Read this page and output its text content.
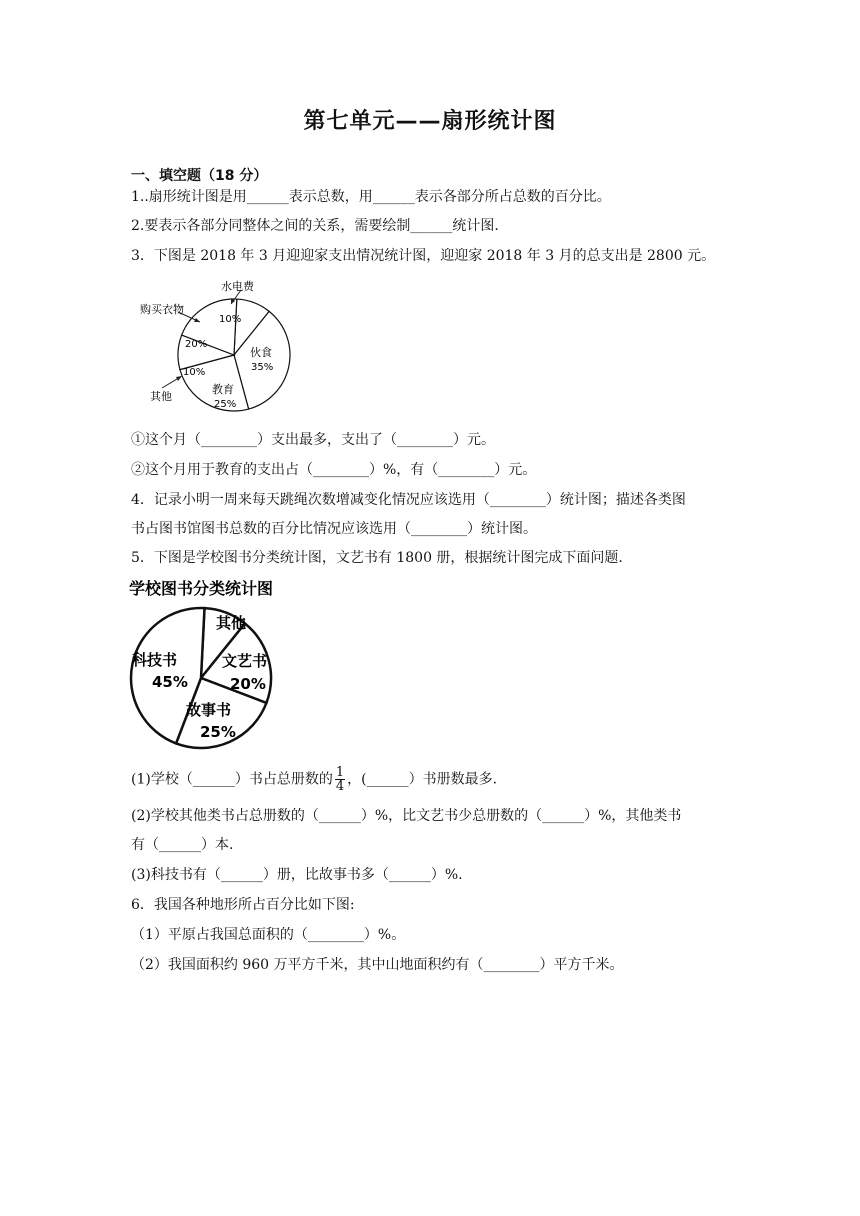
第七单元——扇形统计图
一、填空题（18 分）
1..扇形统计图是用______表示总数，用______表示各部分所占总数的百分比。
2.要表示各部分同整体之间的关系，需要绘制______统计图.
3．下图是 2018 年 3 月迎迎家支出情况统计图，迎迎家 2018 年 3 月的总支出是 2800 元。
水电费
购买衣物
其他
10%
20%
10%
伙食
35%
教育
25%
①这个月（________）支出最多，支出了（________）元。
②这个月用于教育的支出占（________）%，有（________）元。
4．记录小明一周来每天跳绳次数增减变化情况应该选用（________）统计图；描述各类图
书占图书馆图书总数的百分比情况应该选用（________）统计图。
5．下图是学校图书分类统计图，文艺书有 1800 册，根据统计图完成下面问题.
学校图书分类统计图
其他
文艺书
20%
故事书
25%
科技书
45%
(1)学校（______）书占总册数的 $\frac{1}{4}$ ，(______）书册数最多.
(2)学校其他类书占总册数的（______）%，比文艺书少总册数的（______）%，其他类书
有（______）本.
(3)科技书有（______）册，比故事书多（______）%.
6．我国各种地形所占百分比如下图:
（1）平原占我国总面积的（________）%。
（2）我国面积约 960 万平方千米，其中山地面积约有（________）平方千米。
